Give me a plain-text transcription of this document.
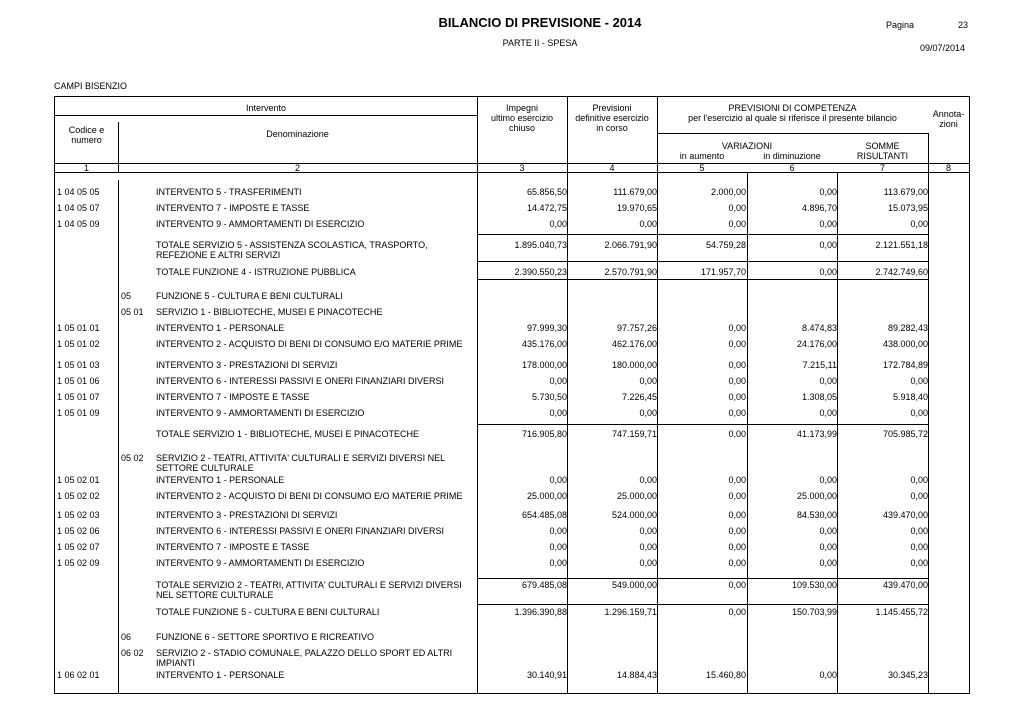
BILANCIO DI PREVISIONE - 2014
PARTE II - SPESA
Pagina	23
09/07/2014
CAMPI BISENZIO
Intervento
Codice e
numero
Denominazione
Impegni
ultimo esercizio
chiuso
Previsioni
definitive esercizio
in corso
PREVISIONI DI COMPETENZA
per l'esercizio al quale si riferisce il presente bilancio
VARIAZIONI
in aumento	in diminuzione
SOMME
RISULTANTI
Annota-
zioni
1	2	3	4	5	6	7	8
1 04 05 05	INTERVENTO 5 - TRASFERIMENTI	65.856,50	111.679,00	2.000,00	0,00	113.679,00
1 04 05 07	INTERVENTO 7 - IMPOSTE E TASSE	14.472,75	19.970,65	0,00	4.896,70	15.073,95
1 04 05 09	INTERVENTO 9 - AMMORTAMENTI DI ESERCIZIO	0,00	0,00	0,00	0,00	0,00
TOTALE SERVIZIO 5 - ASSISTENZA SCOLASTICA, TRASPORTO, REFEZIONE E ALTRI SERVIZI
1.895.040,73	2.066.791,90	54.759,28	0,00	2.121.551,18
TOTALE FUNZIONE 4 - ISTRUZIONE PUBBLICA	2.390.550,23	2.570.791,90	171.957,70	0,00	2.742.749,60
05	FUNZIONE 5 - CULTURA E BENI CULTURALI
05 01 SERVIZIO 1 - BIBLIOTECHE, MUSEI E PINACOTECHE
1 05 01 01	INTERVENTO 1 - PERSONALE	97.999,30	97.757,26	0,00	8.474,83	89.282,43
1 05 01 02	INTERVENTO 2 - ACQUISTO DI BENI DI CONSUMO E/O MATERIE PRIME	435.176,00	462.176,00	0,00	24.176,00	438.000,00
1 05 01 03	INTERVENTO 3 - PRESTAZIONI DI SERVIZI	178.000,00	180.000,00	0,00	7.215,11	172.784,89
1 05 01 06	INTERVENTO 6 - INTERESSI PASSIVI E ONERI FINANZIARI DIVERSI	0,00	0,00	0,00	0,00	0,00
1 05 01 07	INTERVENTO 7 - IMPOSTE E TASSE	5.730,50	7.226,45	0,00	1.308,05	5.918,40
1 05 01 09	INTERVENTO 9 - AMMORTAMENTI DI ESERCIZIO	0,00	0,00	0,00	0,00	0,00
TOTALE SERVIZIO 1 - BIBLIOTECHE, MUSEI E PINACOTECHE	716.905,80	747.159,71	0,00	41.173,99	705.985,72
05 02 SERVIZIO 2 - TEATRI, ATTIVITA' CULTURALI E SERVIZI DIVERSI NEL SETTORE CULTURALE
1 05 02 01	INTERVENTO 1 - PERSONALE	0,00	0,00	0,00	0,00	0,00
1 05 02 02	INTERVENTO 2 - ACQUISTO DI BENI DI CONSUMO E/O MATERIE PRIME	25.000,00	25.000,00	0,00	25.000,00	0,00
1 05 02 03	INTERVENTO 3 - PRESTAZIONI DI SERVIZI	654.485,08	524.000,00	0,00	84.530,00	439.470,00
1 05 02 06	INTERVENTO 6 - INTERESSI PASSIVI E ONERI FINANZIARI DIVERSI	0,00	0,00	0,00	0,00	0,00
1 05 02 07	INTERVENTO 7 - IMPOSTE E TASSE	0,00	0,00	0,00	0,00	0,00
1 05 02 09	INTERVENTO 9 - AMMORTAMENTI DI ESERCIZIO	0,00	0,00	0,00	0,00	0,00
TOTALE SERVIZIO 2 - TEATRI, ATTIVITA' CULTURALI E SERVIZI DIVERSI NEL SETTORE CULTURALE
679.485,08	549.000,00	0,00	109.530,00	439.470,00
TOTALE FUNZIONE 5 - CULTURA E BENI CULTURALI	1.396.390,88	1.296.159,71	0,00	150.703,99	1.145.455,72
06	FUNZIONE 6 - SETTORE SPORTIVO E RICREATIVO
06 02 SERVIZIO 2 - STADIO COMUNALE, PALAZZO DELLO SPORT ED ALTRI IMPIANTI
1 06 02 01	INTERVENTO 1 - PERSONALE	30.140,91	14.884,43	15.460,80	0,00	30.345,23
